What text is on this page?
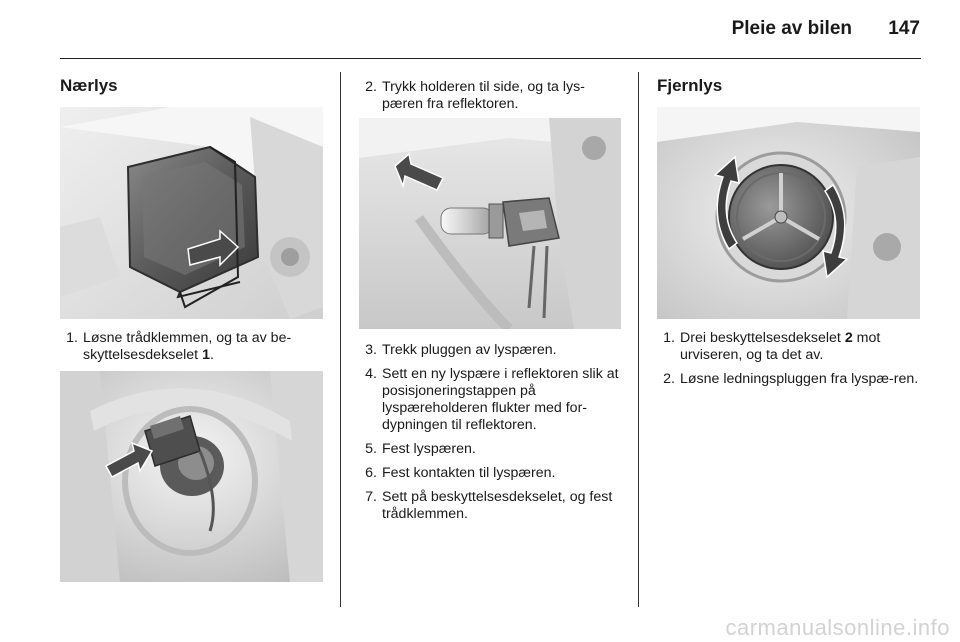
Pleie av bilen	147
Nærlys
1. Løsne trådklemmen, og ta av be-skyttelsesdekselet 1.
2. Trykk holderen til side, og ta lys-pæren fra reflektoren.
3. Trekk pluggen av lyspæren.
4. Sett en ny lyspære i reflektoren slik at posisjoneringstappen på lyspæreholderen flukter med for-dypningen til reflektoren.
5. Fest lyspæren.
6. Fest kontakten til lyspæren.
7. Sett på beskyttelsesdekselet, og fest trådklemmen.
Fjernlys
1. Drei beskyttelsesdekselet 2 mot urviseren, og ta det av.
2. Løsne ledningspluggen fra lyspæ-ren.
carmanualsonline.info
